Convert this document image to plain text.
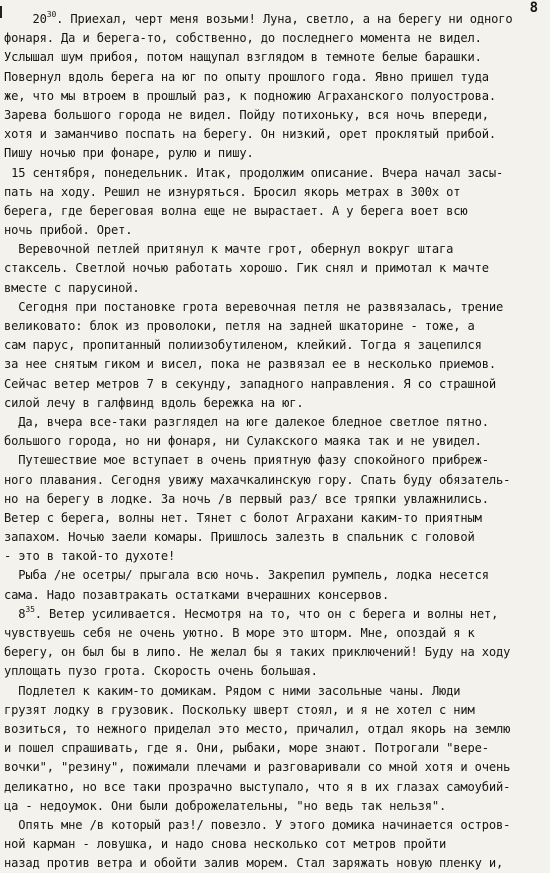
8
$20^{30}$. Приехал, черт меня возьми! Луна, светло, а на берегу ни одного
фонаря. Да и берега-то, собственно, до последнего момента не видел.
Услышал шум прибоя, потом нащупал взглядом в темноте белые барашки.
Повернул вдоль берега на юг по опыту прошлого года. Явно пришел туда
же, что мы втроем в прошлый раз, к подножию Аграханского полуострова.
Зарева большого города не видел. Пойду потихоньку, вся ночь впереди,
хотя и заманчиво поспать на берегу. Он низкий, орет проклятый прибой.
Пишу ночью при фонаре, рулю и пишу.
15 сентября, понедельник. Итак, продолжим описание. Вчера начал засы-
пать на ходу. Решил не изнуряться. Бросил якорь метрах в 300х от
берега, где береговая волна еще не вырастает. А у берега воет всю
ночь прибой. Орет.
Веревочной петлей притянул к мачте грот, обернул вокруг штага
стаксель. Светлой ночью работать хорошо. Гик снял и примотал к мачте
вместе с парусиной.
Сегодня при постановке грота веревочная петля не развязалась, трение
великовато: блок из проволоки, петля на задней шкаторине - тоже, а
сам парус, пропитанный полиизобутиленом, клейкий. Тогда я зацепился
за нее снятым гиком и висел, пока не развязал ее в несколько приемов.
Сейчас ветер метров 7 в секунду, западного направления. Я со страшной
силой лечу в галфвинд вдоль бережка на юг.
Да, вчера все-таки разглядел на юге далекое бледное светлое пятно.
большого города, но ни фонаря, ни Сулакского маяка так и не увидел.
Путешествие мое вступает в очень приятную фазу спокойного прибреж-
ного плавания. Сегодня увижу махачкалинскую гору. Спать буду обязатель-
но на берегу в лодке. За ночь /в первый раз/ все тряпки увлажнились.
Ветер с берега, волны нет. Тянет с болот Аграхани каким-то приятным
запахом. Ночью заели комары. Пришлось залезть в спальник с головой
- это в такой-то духоте!
Рыба /не осетры/ прыгала всю ночь. Закрепил румпель, лодка несется
сама. Надо позавтракать остатками вчерашних консервов.
$8^{35}$. Ветер усиливается. Несмотря на то, что он с берега и волны нет,
чувствуешь себя не очень уютно. В море это шторм. Мне, опоздай я к
берегу, он был бы в липо. Не желал бы я таких приключений! Буду на ходу
уплощать пузо грота. Скорость очень большая.
Подлетел к каким-то домикам. Рядом с ними засольные чаны. Люди
грузят лодку в грузовик. Поскольку шверт стоял, и я не хотел с ним
возиться, то нежного приделал это место, причалил, отдал якорь на землю
и пошел спрашивать, где я. Они, рыбаки, море знают. Потрогали "вере-
вочки", "резину", пожимали плечами и разговаривали со мной хотя и очень
деликатно, но все таки прозрачно выступало, что я в их глазах самоубий-
ца - недоумок. Они были доброжелательны, "но ведь так нельзя".
Опять мне /в который раз!/ повезло. У этого домика начинается остров-
ной карман - ловушка, и надо снова несколько сот метров пройти
назад против ветра и обойти залив морем. Стал заряжать новую пленку и,
